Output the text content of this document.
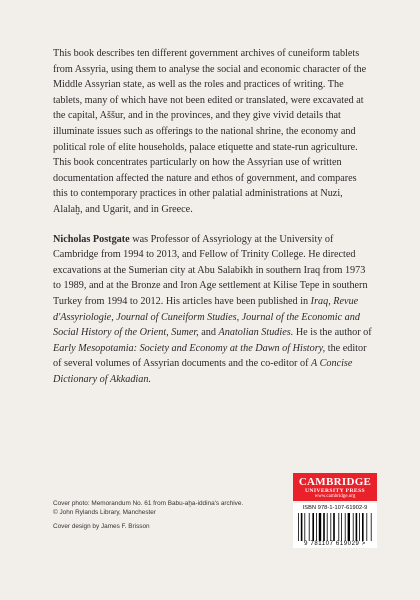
This book describes ten different government archives of cuneiform tablets from Assyria, using them to analyse the social and economic character of the Middle Assyrian state, as well as the roles and practices of writing. The tablets, many of which have not been edited or translated, were excavated at the capital, Aššur, and in the provinces, and they give vivid details that illuminate issues such as offerings to the national shrine, the economy and political role of elite households, palace etiquette and state-run agriculture. This book concentrates particularly on how the Assyrian use of written documentation affected the nature and ethos of government, and compares this to contemporary practices in other palatial administrations at Nuzi, Alalaḫ, and Ugarit, and in Greece.

Nicholas Postgate was Professor of Assyriology at the University of Cambridge from 1994 to 2013, and Fellow of Trinity College. He directed excavations at the Sumerian city at Abu Salabikh in southern Iraq from 1973 to 1989, and at the Bronze and Iron Age settlement at Kilise Tepe in southern Turkey from 1994 to 2012. His articles have been published in Iraq, Revue d'Assyriologie, Journal of Cuneiform Studies, Journal of the Economic and Social History of the Orient, Sumer, and Anatolian Studies. He is the author of Early Mesopotamia: Society and Economy at the Dawn of History, the editor of several volumes of Assyrian documents and the co-editor of A Concise Dictionary of Akkadian.

Cover photo: Memorandum No. 61 from Babu-aḫa-iddina's archive.
© John Rylands Library, Manchester
Cover design by James F. Brisson
CAMBRIDGE
UNIVERSITY PRESS
www.cambridge.org
ISBN 978-1-107-61902-9
9 781107 619029 >
